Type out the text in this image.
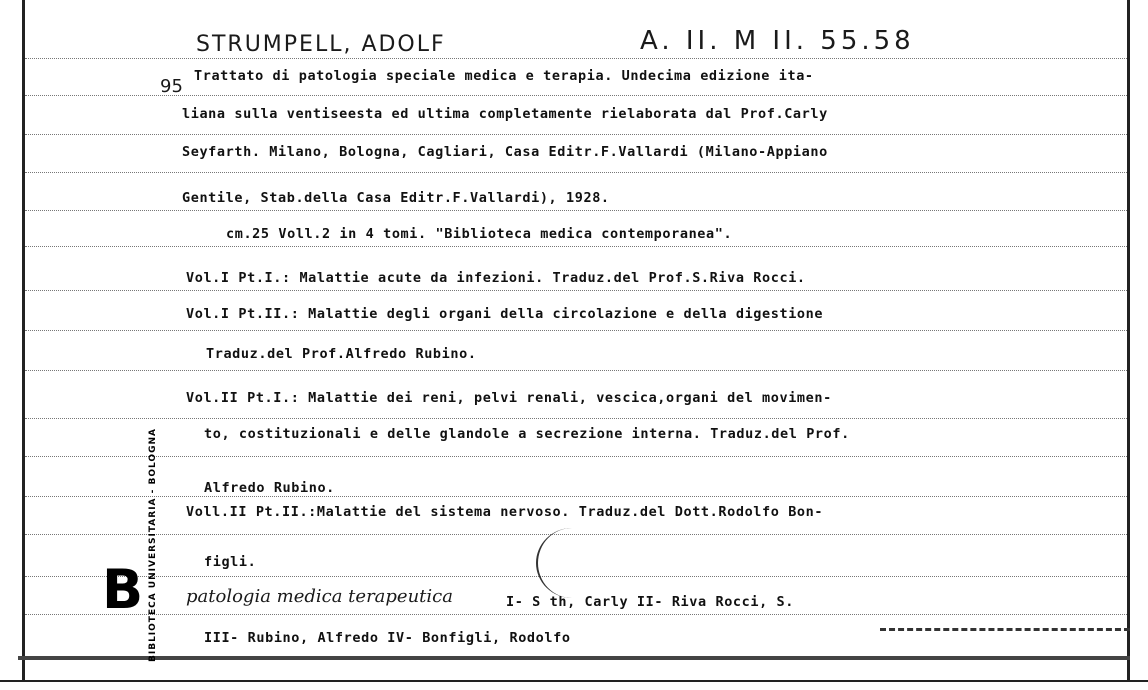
STRUMPELL, ADOLF	A. II. M II. 55.58
95 Trattato di patologia speciale medica e terapia. Undecima edizione ita-
liana sulla ventiseesta ed ultima completamente rielaborata dal Prof.Carly
Seyfarth. Milano, Bologna, Cagliari, Casa Editr.F.Vallardi (Milano-Appiano
Gentile, Stab.della Casa Editr.F.Vallardi), 1928.
cm.25 Voll.2 in 4 tomi. "Biblioteca medica contemporanea".
Vol.I Pt.I.: Malattie acute da infezioni. Traduz.del Prof.S.Riva Rocci.
Vol.I Pt.II.: Malattie degli organi della circolazione e della digestione
Traduz.del Prof.Alfredo Rubino.
Vol.II Pt.I.: Malattie dei reni, pelvi renali, vescica,organi del movimen-
to, costituzionali e delle glandole a secrezione interna. Traduz.del Prof.
Alfredo Rubino.
Voll.II Pt.II.:Malattie del sistema nervoso. Traduz.del Dott.Rodolfo Bon-
figli.
I- S th, Carly II- Riva Rocci, S.
III- Rubino, Alfredo IV- Bonfigli, Rodolfo
patologia medica terapeutica
B BIBLIOTECA UNIVERSITARIA - BOLOGNA
